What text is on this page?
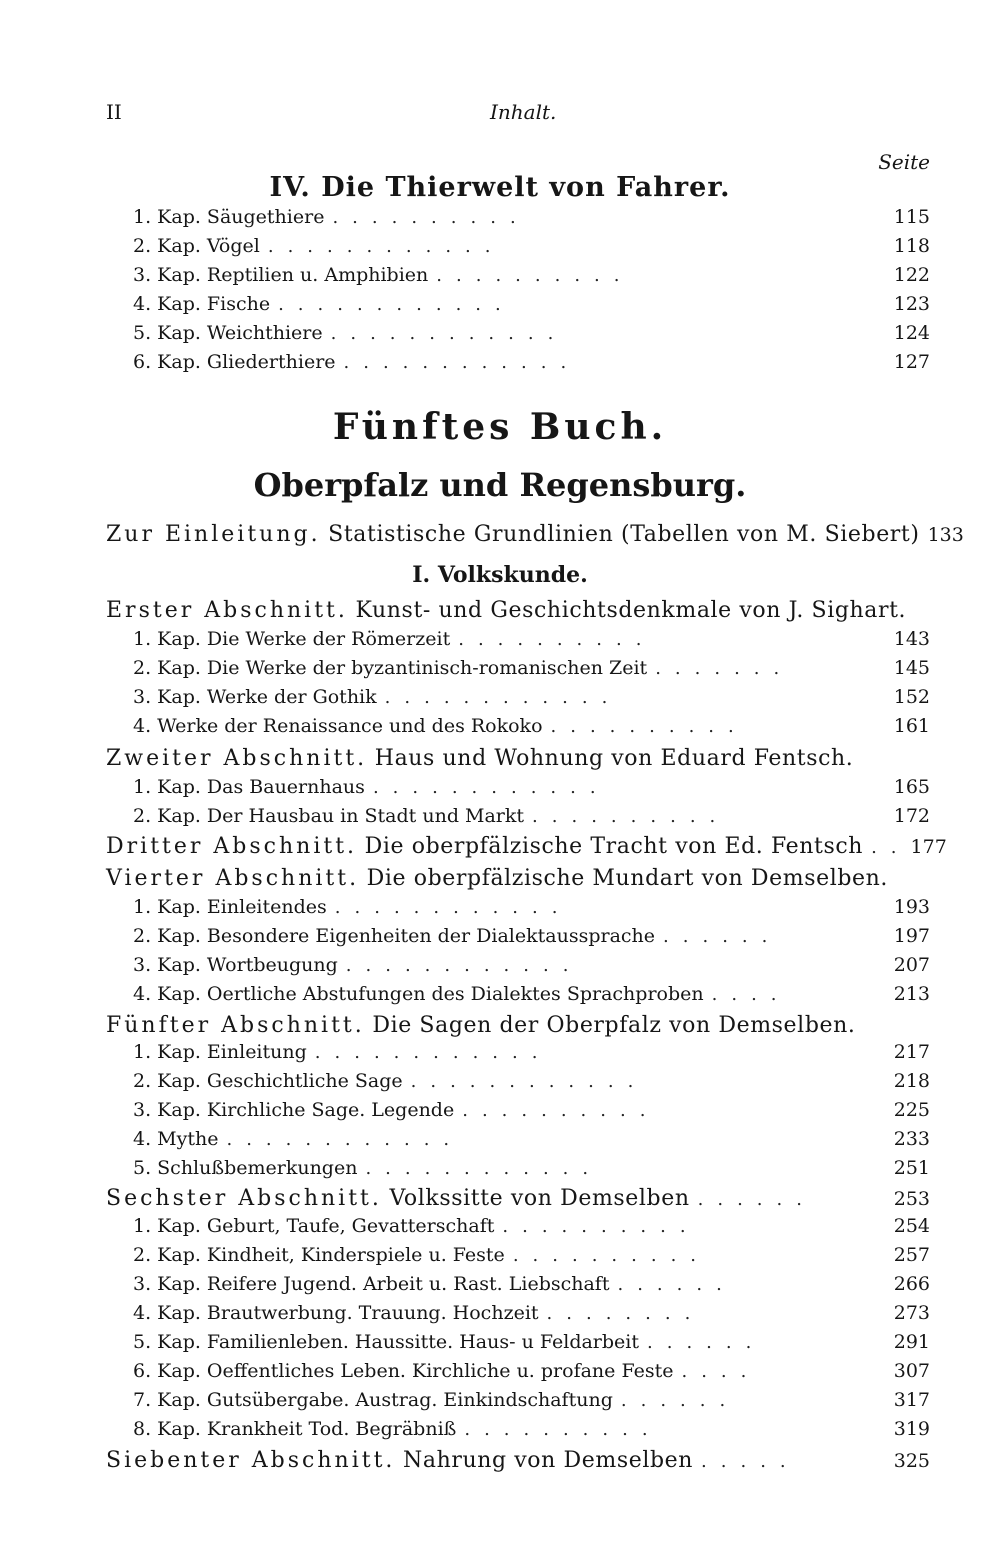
II	Inhalt.
Seite
IV. Die Thierwelt von Fahrer.
1. Kap. Säugethiere ..........	115
2. Kap. Vögel ............	118
3. Kap. Reptilien u. Amphibien ..........	122
4. Kap. Fische ............	123
5. Kap. Weichthiere ............	124
6. Kap. Gliederthiere ............	127
Fünftes Buch.
Oberpfalz und Regensburg.
Zur Einleitung. Statistische Grundlinien (Tabellen von M. Siebert) 133
I. Volkskunde.
Erster Abschnitt. Kunst- und Geschichtsdenkmale von J. Sighart.
1. Kap. Die Werke der Römerzeit ..........	143
2. Kap. Die Werke der byzantinisch-romanischen Zeit .......	145
3. Kap. Werke der Gothik ............	152
4. Werke der Renaissance und des Rokoko ..........	161
Zweiter Abschnitt. Haus und Wohnung von Eduard Fentsch.
1. Kap. Das Bauernhaus ............	165
2. Kap. Der Hausbau in Stadt und Markt ..........	172
Dritter Abschnitt. Die oberpfälzische Tracht von Ed. Fentsch .. 177
Vierter Abschnitt. Die oberpfälzische Mundart von Demselben.
1. Kap. Einleitendes ............	193
2. Kap. Besondere Eigenheiten der Dialektaussprache ......	197
3. Kap. Wortbeugung ............	207
4. Kap. Oertliche Abstufungen des Dialektes Sprachproben ....	213
Fünfter Abschnitt. Die Sagen der Oberpfalz von Demselben.
1. Kap. Einleitung ............	217
2. Kap. Geschichtliche Sage ............	218
3. Kap. Kirchliche Sage. Legende ..........	225
4. Mythe ............	233
5. Schlußbemerkungen ............	251
Sechster Abschnitt. Volkssitte von Demselben ......	253
1. Kap. Geburt, Taufe, Gevatterschaft ..........	254
2. Kap. Kindheit, Kinderspiele u. Feste ..........	257
3. Kap. Reifere Jugend. Arbeit u. Rast. Liebschaft ......	266
4. Kap. Brautwerbung. Trauung. Hochzeit ........	273
5. Kap. Familienleben. Haussitte. Haus- u Feldarbeit ......	291
6. Kap. Oeffentliches Leben. Kirchliche u. profane Feste ....	307
7. Kap. Gutsübergabe. Austrag. Einkindschaftung ......	317
8. Kap. Krankheit Tod. Begräbniß ..........	319
Siebenter Abschnitt. Nahrung von Demselben .....	325
